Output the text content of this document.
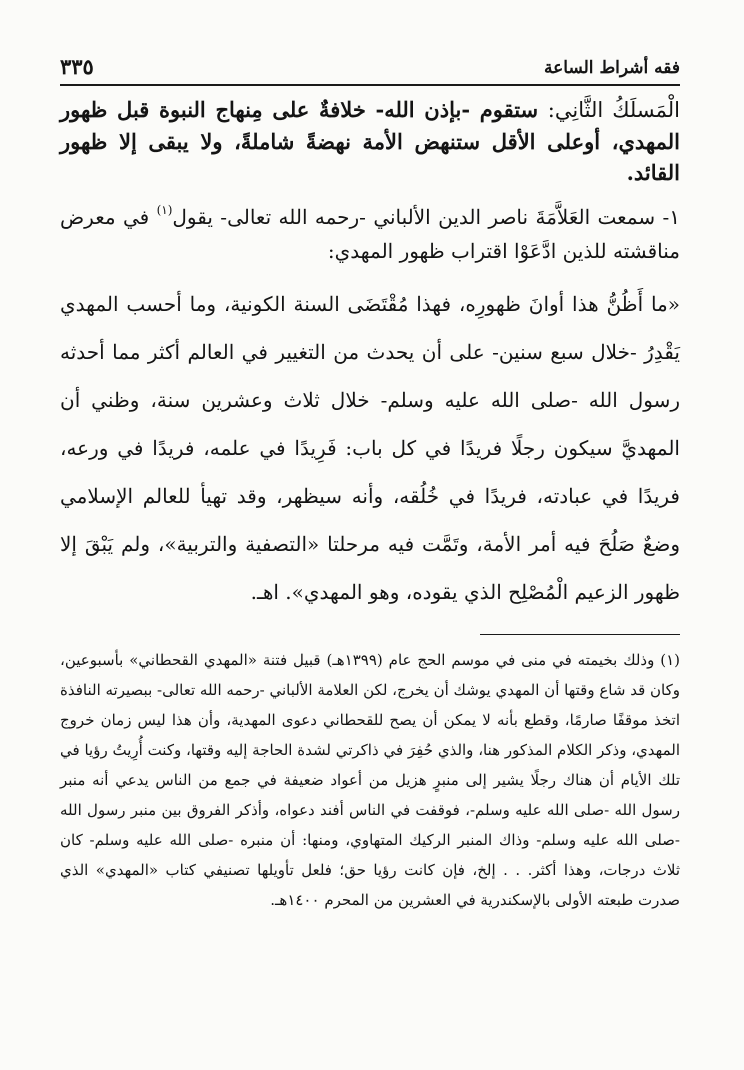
فقه أشراط الساعة
٣٣٥
الْمَسلَكُ الثَّانِي: ستقوم -بإذن الله- خلافةٌ على مِنهاج النبوة قبل ظهور المهدي، أوعلى الأقل ستنهض الأمة نهضةً شاملةً، ولا يبقى إلا ظهور القائد.
١- سمعت العَلاَّمَةَ ناصر الدين الألباني -رحمه الله تعالى- يقول$^{(١)}$ في معرض مناقشته للذين ادَّعَوْا اقتراب ظهور المهدي:
«ما أَظُنُّ هذا أوانَ ظهورِه، فهذا مُقْتَضَى السنة الكونية، وما أحسب المهدي يَقْدِرُ -خلال سبع سنين- على أن يحدث من التغيير في العالم أكثر مما أحدثه رسول الله -صلى الله عليه وسلم- خلال ثلاث وعشرين سنة، وظني أن المهديَّ سيكون رجلًا فريدًا في كل باب: فَرِيدًا في علمه، فريدًا في ورعه، فريدًا في عبادته، فريدًا في خُلُقه، وأنه سيظهر، وقد تهيأ للعالم الإسلامي وضعٌ صَلُحَ فيه أمر الأمة، وتَمَّت فيه مرحلتا «التصفية والتربية»، ولم يَبْقَ إلا ظهور الزعيم الْمُصْلِح الذي يقوده، وهو المهدي». اهـ.
(١) وذلك بخيمته في منى في موسم الحج عام (١٣٩٩هـ) قبيل فتنة «المهدي القحطاني» بأسبوعين، وكان قد شاع وقتها أن المهدي يوشك أن يخرج، لكن العلامة الألباني -رحمه الله تعالى- ببصيرته النافذة اتخذ موقفًا صارمًا، وقطع بأنه لا يمكن أن يصح للقحطاني دعوى المهدية، وأن هذا ليس زمان خروج المهدي، وذكر الكلام المذكور هنا، والذي حُفِرَ في ذاكرتي لشدة الحاجة إليه وقتها، وكنت أُرِيتُ رؤيا في تلك الأيام أن هناك رجلًا يشير إلى منبرٍ هزيل من أعواد ضعيفة في جمع من الناس يدعي أنه منبر رسول الله -صلى الله عليه وسلم-، فوقفت في الناس أفند دعواه، وأذكر الفروق بين منبر رسول الله -صلى الله عليه وسلم- وذاك المنبر الركيك المتهاوي، ومنها: أن منبره -صلى الله عليه وسلم- كان ثلاث درجات، وهذا أكثر. . . إلخ، فإن كانت رؤيا حق؛ فلعل تأويلها تصنيفي كتاب «المهدي» الذي صدرت طبعته الأولى بالإسكندرية في العشرين من المحرم ١٤٠٠هـ.
